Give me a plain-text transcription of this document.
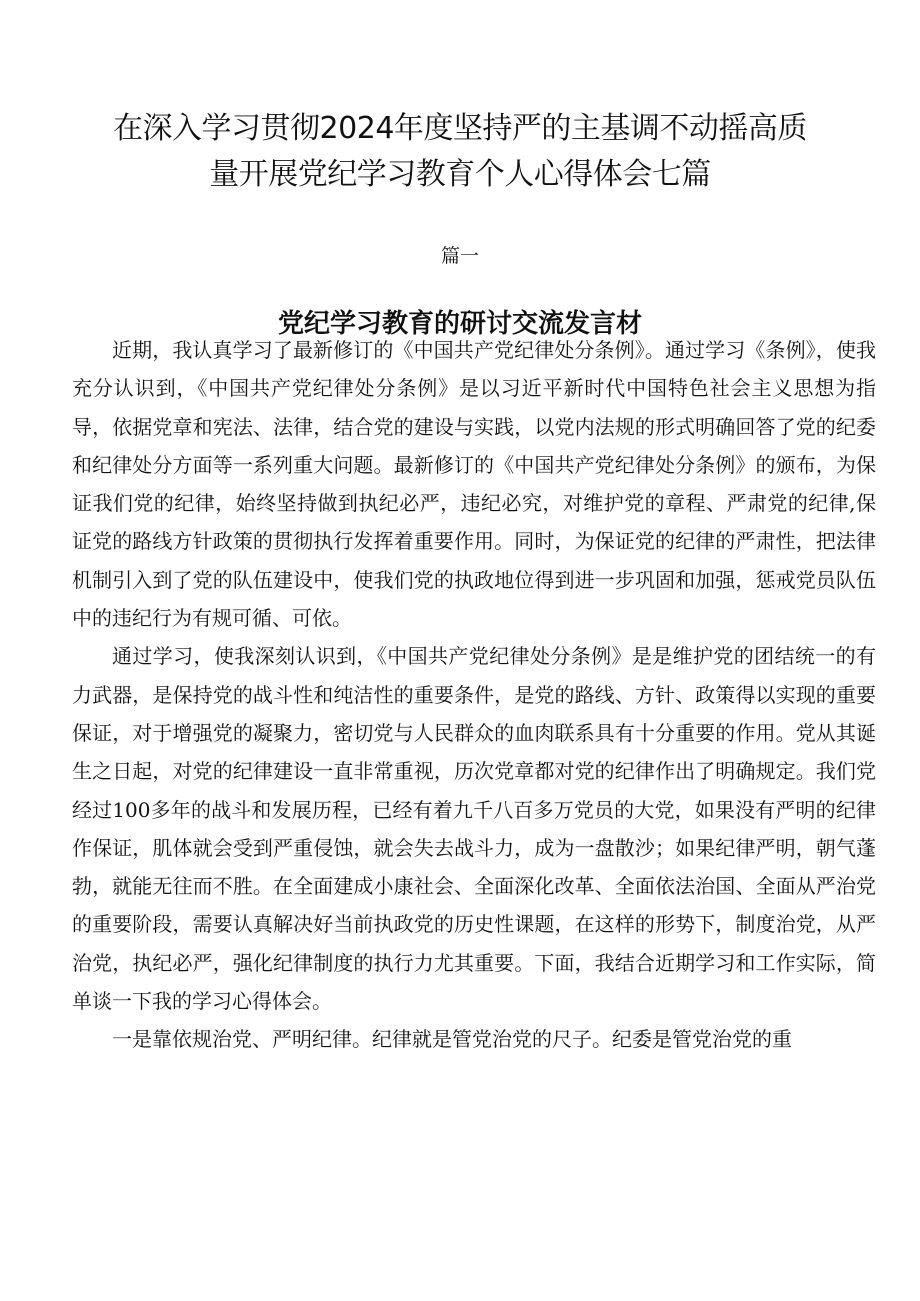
在深入学习贯彻2024年度坚持严的主基调不动摇高质
量开展党纪学习教育个人心得体会七篇
篇一
党纪学习教育的研讨交流发言材

近期，我认真学习了最新修订的《中国共产党纪律处分条例》。通过学习《条例》，使我充分认识到，《中国共产党纪律处分条例》是以习近平新时代中国特色社会主义思想为指导，依据党章和宪法、法律，结合党的建设与实践，以党内法规的形式明确回答了党的纪委和纪律处分方面等一系列重大问题。最新修订的《中国共产党纪律处分条例》的颁布，为保证我们党的纪律，始终坚持做到执纪必严，违纪必究，对维护党的章程、严肃党的纪律,保证党的路线方针政策的贯彻执行发挥着重要作用。同时，为保证党的纪律的严肃性，把法律机制引入到了党的队伍建设中，使我们党的执政地位得到进一步巩固和加强，惩戒党员队伍中的违纪行为有规可循、可依。

通过学习，使我深刻认识到，《中国共产党纪律处分条例》是是维护党的团结统一的有力武器，是保持党的战斗性和纯洁性的重要条件，是党的路线、方针、政策得以实现的重要保证，对于增强党的凝聚力，密切党与人民群众的血肉联系具有十分重要的作用。党从其诞生之日起，对党的纪律建设一直非常重视，历次党章都对党的纪律作出了明确规定。我们党经过100多年的战斗和发展历程，已经有着九千八百多万党员的大党，如果没有严明的纪律作保证，肌体就会受到严重侵蚀，就会失去战斗力，成为一盘散沙；如果纪律严明，朝气蓬勃，就能无往而不胜。在全面建成小康社会、全面深化改革、全面依法治国、全面从严治党的重要阶段，需要认真解决好当前执政党的历史性课题，在这样的形势下，制度治党，从严治党，执纪必严，强化纪律制度的执行力尤其重要。下面，我结合近期学习和工作实际，简单谈一下我的学习心得体会。

一是靠依规治党、严明纪律。纪律就是管党治党的尺子。纪委是管党治党的重
